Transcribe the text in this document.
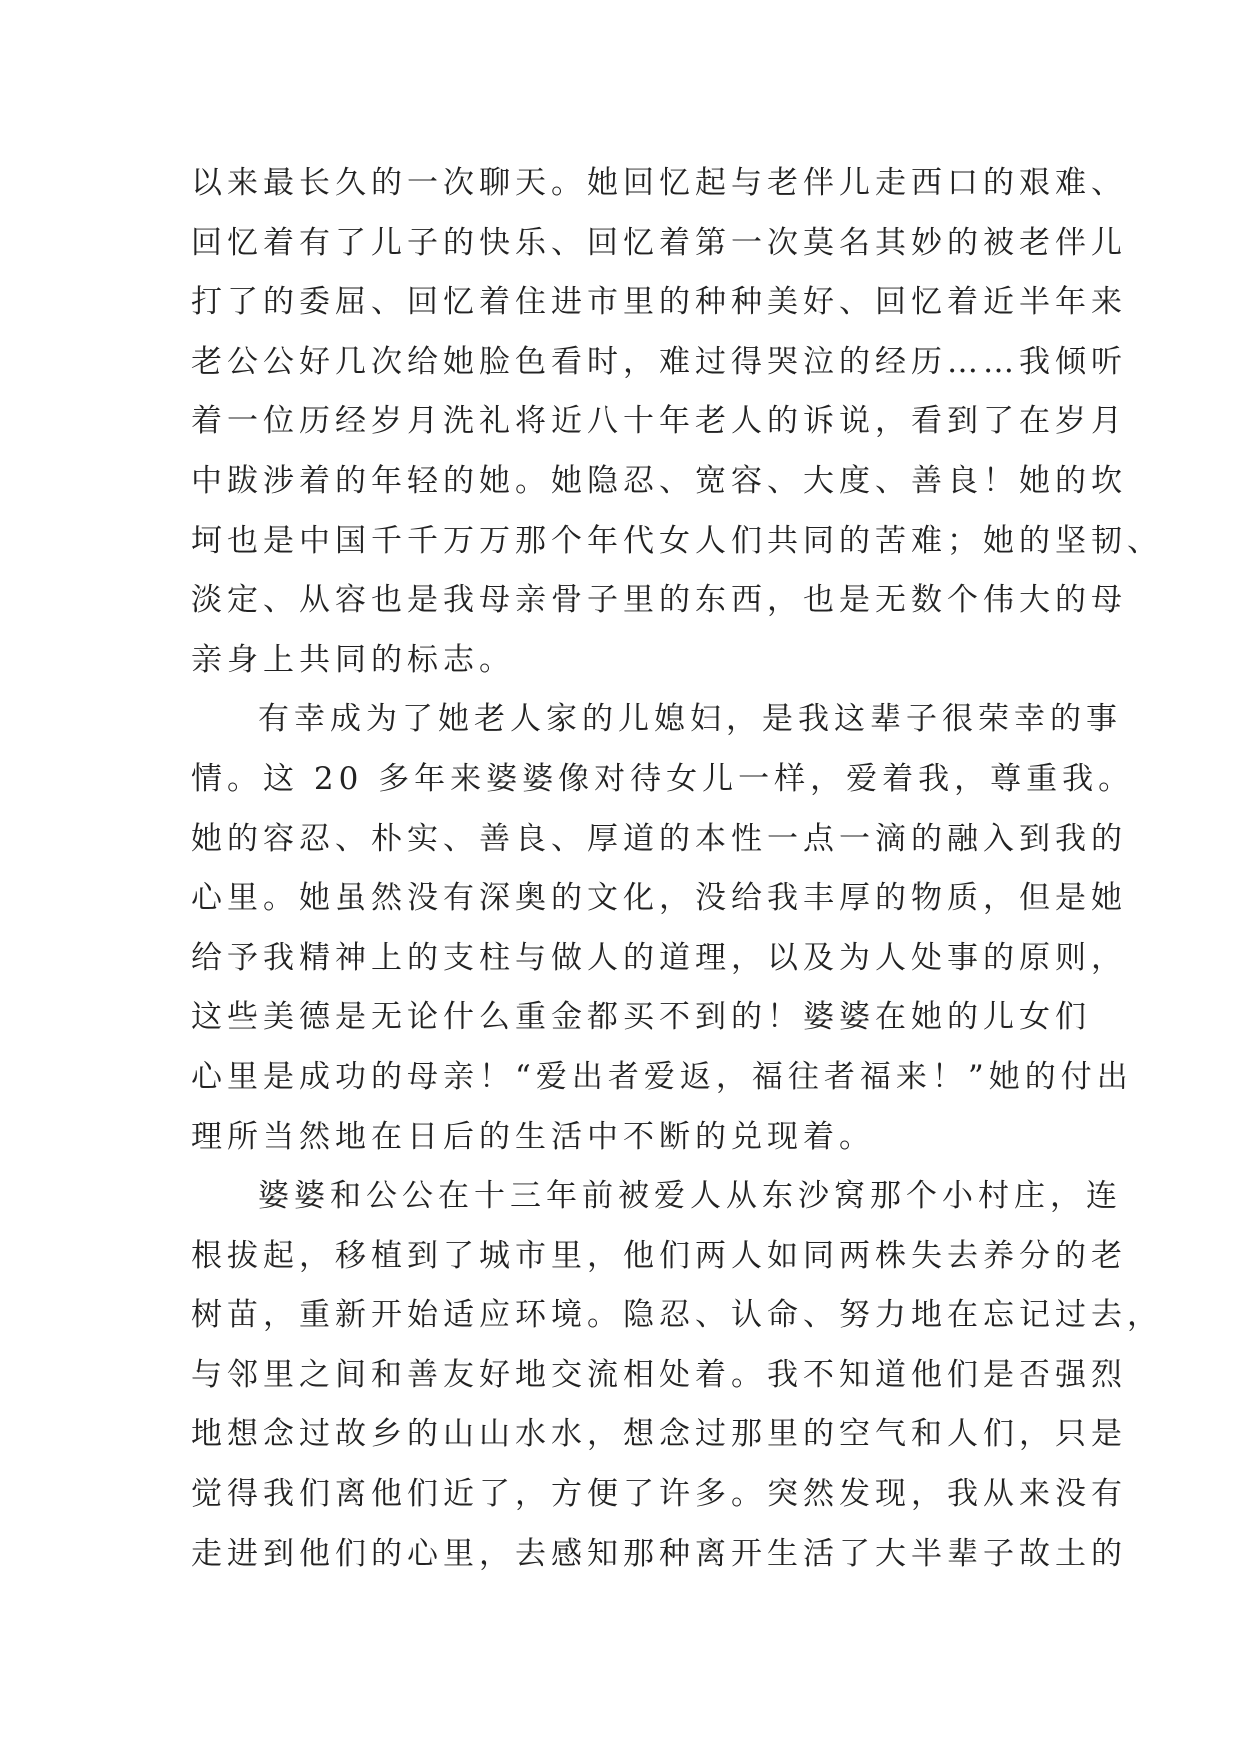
以来最长久的一次聊天。她回忆起与老伴儿走西口的艰难、
回忆着有了儿子的快乐、回忆着第一次莫名其妙的被老伴儿
打了的委屈、回忆着住进市里的种种美好、回忆着近半年来
老公公好几次给她脸色看时，难过得哭泣的经历……我倾听
着一位历经岁月洗礼将近八十年老人的诉说，看到了在岁月
中跋涉着的年轻的她。她隐忍、宽容、大度、善良！她的坎
坷也是中国千千万万那个年代女人们共同的苦难；她的坚韧、
淡定、从容也是我母亲骨子里的东西，也是无数个伟大的母
亲身上共同的标志。
有幸成为了她老人家的儿媳妇，是我这辈子很荣幸的事
情。这 20 多年来婆婆像对待女儿一样，爱着我，尊重我。
她的容忍、朴实、善良、厚道的本性一点一滴的融入到我的
心里。她虽然没有深奥的文化，没给我丰厚的物质，但是她
给予我精神上的支柱与做人的道理，以及为人处事的原则，
这些美德是无论什么重金都买不到的！婆婆在她的儿女们
心里是成功的母亲！“爱出者爱返，福往者福来！”她的付出
理所当然地在日后的生活中不断的兑现着。
婆婆和公公在十三年前被爱人从东沙窝那个小村庄，连
根拔起，移植到了城市里，他们两人如同两株失去养分的老
树苗，重新开始适应环境。隐忍、认命、努力地在忘记过去，
与邻里之间和善友好地交流相处着。我不知道他们是否强烈
地想念过故乡的山山水水，想念过那里的空气和人们，只是
觉得我们离他们近了，方便了许多。突然发现，我从来没有
走进到他们的心里，去感知那种离开生活了大半辈子故土的
